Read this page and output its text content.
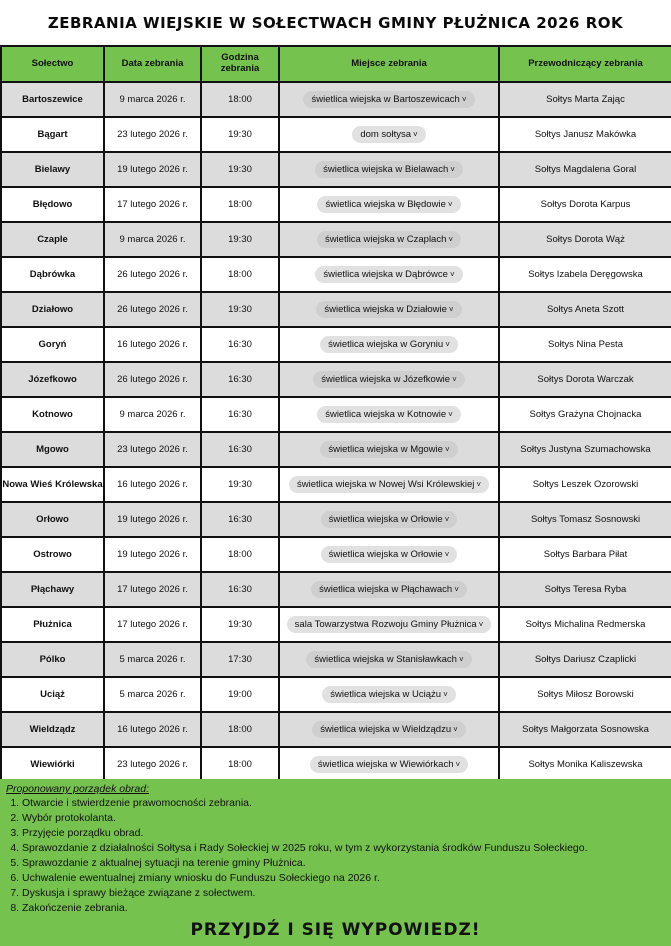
ZEBRANIA WIEJSKIE W SOŁECTWACH GMINY PŁUŻNICA 2026 ROK
Sołectwo	Data zebrania	Godzina zebrania	Miejsce zebrania	Przewodniczący zebrania
Bartoszewice	9 marca 2026 r.	18:00	świetlica wiejska w Bartoszewicach ˅	Sołtys Marta Zając
Bągart	23 lutego 2026 r.	19:30	dom sołtysa ˅	Sołtys Janusz Makówka
Bielawy	19 lutego 2026 r.	19:30	świetlica wiejska w Bielawach ˅	Sołtys Magdalena Goral
Błędowo	17 lutego 2026 r.	18:00	świetlica wiejska w Błędowie ˅	Sołtys Dorota Karpus
Czaple	9 marca 2026 r.	19:30	świetlica wiejska w Czaplach ˅	Sołtys Dorota Wąż
Dąbrówka	26 lutego 2026 r.	18:00	świetlica wiejska w Dąbrówce ˅	Sołtys Izabela Deręgowska
Działowo	26 lutego 2026 r.	19:30	świetlica wiejska w Działowie ˅	Sołtys Aneta Szott
Goryń	16 lutego 2026 r.	16:30	świetlica wiejska w Goryniu ˅	Sołtys Nina Pesta
Józefkowo	26 lutego 2026 r.	16:30	świetlica wiejska w Józefkowie ˅	Sołtys Dorota Warczak
Kotnowo	9 marca 2026 r.	16:30	świetlica wiejska w Kotnowie ˅	Sołtys Grażyna Chojnacka
Mgowo	23 lutego 2026 r.	16:30	świetlica wiejska w Mgowie ˅	Sołtys Justyna Szumachowska
Nowa Wieś Królewska	16 lutego 2026 r.	19:30	świetlica wiejska w Nowej Wsi Królewskiej ˅	Sołtys Leszek Ozorowski
Orłowo	19 lutego 2026 r.	16:30	świetlica wiejska w Orłowie ˅	Sołtys Tomasz Sosnowski
Ostrowo	19 lutego 2026 r.	18:00	świetlica wiejska w Orłowie ˅	Sołtys Barbara Piłat
Płąchawy	17 lutego 2026 r.	16:30	świetlica wiejska w Płąchawach ˅	Sołtys Teresa Ryba
Płużnica	17 lutego 2026 r.	19:30	sala Towarzystwa Rozwoju Gminy Płużnica ˅	Sołtys Michalina Redmerska
Pólko	5 marca 2026 r.	17:30	świetlica wiejska w Stanisławkach ˅	Sołtys Dariusz Czaplicki
Uciąż	5 marca 2026 r.	19:00	świetlica wiejska w Uciążu ˅	Sołtys Miłosz Borowski
Wieldządz	16 lutego 2026 r.	18:00	świetlica wiejska w Wieldządzu ˅	Sołtys Małgorzata Sosnowska
Wiewiórki	23 lutego 2026 r.	18:00	świetlica wiejska w Wiewiórkach ˅	Sołtys Monika Kaliszewska
Proponowany porządek obrad:
1. Otwarcie i stwierdzenie prawomocności zebrania.
2. Wybór protokolanta.
3. Przyjęcie porządku obrad.
4. Sprawozdanie z działalności Sołtysa i Rady Sołeckiej w 2025 roku, w tym z wykorzystania środków Funduszu Sołeckiego.
5. Sprawozdanie z aktualnej sytuacji na terenie gminy Płużnica.
6. Uchwalenie ewentualnej zmiany wniosku do Funduszu Sołeckiego na 2026 r.
7. Dyskusja i sprawy bieżące związane z sołectwem.
8. Zakończenie zebrania.
PRZYJDŹ I SIĘ WYPOWIEDZ!
